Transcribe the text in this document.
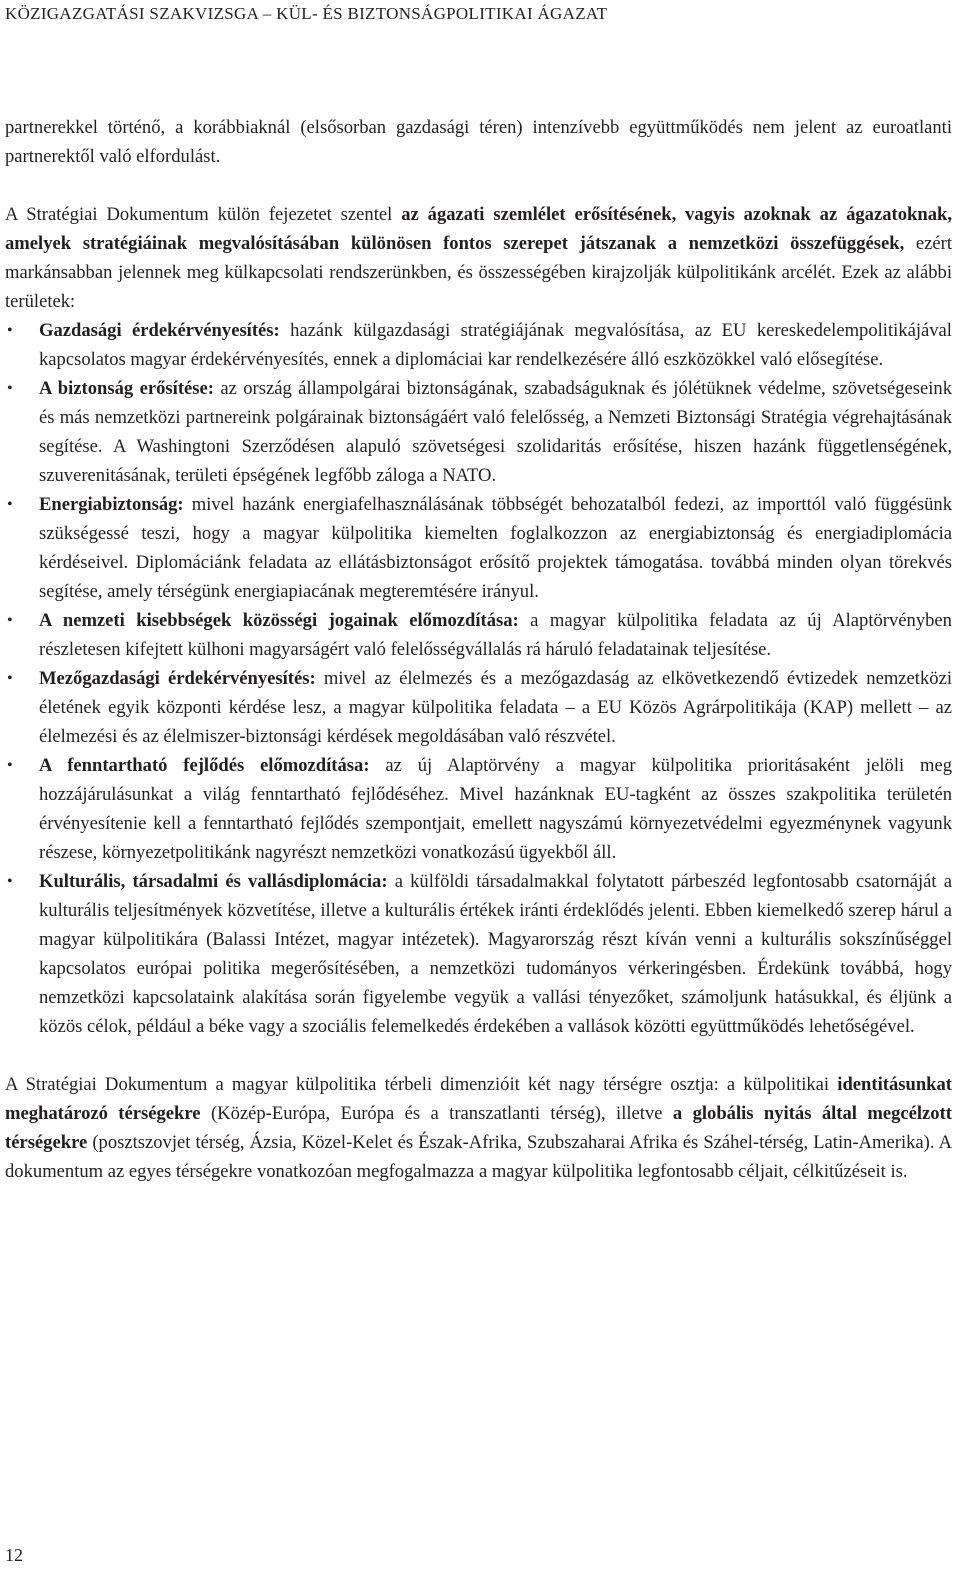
KÖZIGAZGATÁSI SZAKVIZSGA – KÜL- ÉS BIZTONSÁGPOLITIKAI ÁGAZAT

partnerekkel történő, a korábbiaknál (elsősorban gazdasági téren) intenzívebb együttműködés nem jelent az euroatlanti partnerektől való elfordulást.

A Stratégiai Dokumentum külön fejezetet szentel az ágazati szemlélet erősítésének, vagyis azoknak az ágazatoknak, amelyek stratégiáinak megvalósításában különösen fontos szerepet játszanak a nemzetközi összefüggések, ezért markánsabban jelennek meg külkapcsolati rendszerünkben, és összességében kirajzolják külpolitikánk arcélét. Ezek az alábbi területek:

• Gazdasági érdekérvényesítés: hazánk külgazdasági stratégiájának megvalósítása, az EU kereskedelempolitikájával kapcsolatos magyar érdekérvényesítés, ennek a diplomáciai kar rendelkezésére álló eszközökkel való elősegítése.
• A biztonság erősítése: az ország állampolgárai biztonságának, szabadságuknak és jólétüknek védelme, szövetségeseink és más nemzetközi partnereink polgárainak biztonságáért való felelősség, a Nemzeti Biztonsági Stratégia végrehajtásának segítése. A Washingtoni Szerződésen alapuló szövetségesi szolidaritás erősítése, hiszen hazánk függetlenségének, szuverenitásának, területi épségének legfőbb záloga a NATO.
• Energiabiztonság: mivel hazánk energiafelhasználásának többségét behozatalból fedezi, az importtól való függésünk szükségessé teszi, hogy a magyar külpolitika kiemelten foglalkozzon az energiabiztonság és energiadiplomácia kérdéseivel. Diplomáciánk feladata az ellátásbiztonságot erősítő projektek támogatása. továbbá minden olyan törekvés segítése, amely térségünk energiapiacának megteremtésére irányul.
• A nemzeti kisebbségek közösségi jogainak előmozdítása: a magyar külpolitika feladata az új Alaptörvényben részletesen kifejtett külhoni magyarságért való felelősségvállalás rá háruló feladatainak teljesítése.
• Mezőgazdasági érdekérvényesítés: mivel az élelmezés és a mezőgazdaság az elkövetkezendő évtizedek nemzetközi életének egyik központi kérdése lesz, a magyar külpolitika feladata – a EU Közös Agrárpolitikája (KAP) mellett – az élelmezési és az élelmiszer-biztonsági kérdések megoldásában való részvétel.
• A fenntartható fejlődés előmozdítása: az új Alaptörvény a magyar külpolitika prioritásaként jelöli meg hozzájárulásunkat a világ fenntartható fejlődéséhez. Mivel hazánknak EU-tagként az összes szakpolitika területén érvényesítenie kell a fenntartható fejlődés szempontjait, emellett nagyszámú környezetvédelmi egyezménynek vagyunk részese, környezetpolitikánk nagyrészt nemzetközi vonatkozású ügyekből áll.
• Kulturális, társadalmi és vallásdiplomácia: a külföldi társadalmakkal folytatott párbeszéd legfontosabb csatornáját a kulturális teljesítmények közvetítése, illetve a kulturális értékek iránti érdeklődés jelenti. Ebben kiemelkedő szerep hárul a magyar külpolitikára (Balassi Intézet, magyar intézetek). Magyarország részt kíván venni a kulturális sokszínűséggel kapcsolatos európai politika megerősítésében, a nemzetközi tudományos vérkeringésben. Érdekünk továbbá, hogy nemzetközi kapcsolataink alakítása során figyelembe vegyük a vallási tényezőket, számoljunk hatásukkal, és éljünk a közös célok, például a béke vagy a szociális felemelkedés érdekében a vallások közötti együttműködés lehetőségével.

A Stratégiai Dokumentum a magyar külpolitika térbeli dimenzióit két nagy térségre osztja: a külpolitikai identitásunkat meghatározó térségekre (Közép-Európa, Európa és a transzatlanti térség), illetve a globális nyitás által megcélzott térségekre (posztszovjet térség, Ázsia, Közel-Kelet és Észak-Afrika, Szubszaharai Afrika és Száhel-térség, Latin-Amerika). A dokumentum az egyes térségekre vonatkozóan megfogalmazza a magyar külpolitika legfontosabb céljait, célkitűzéseit is.

12
